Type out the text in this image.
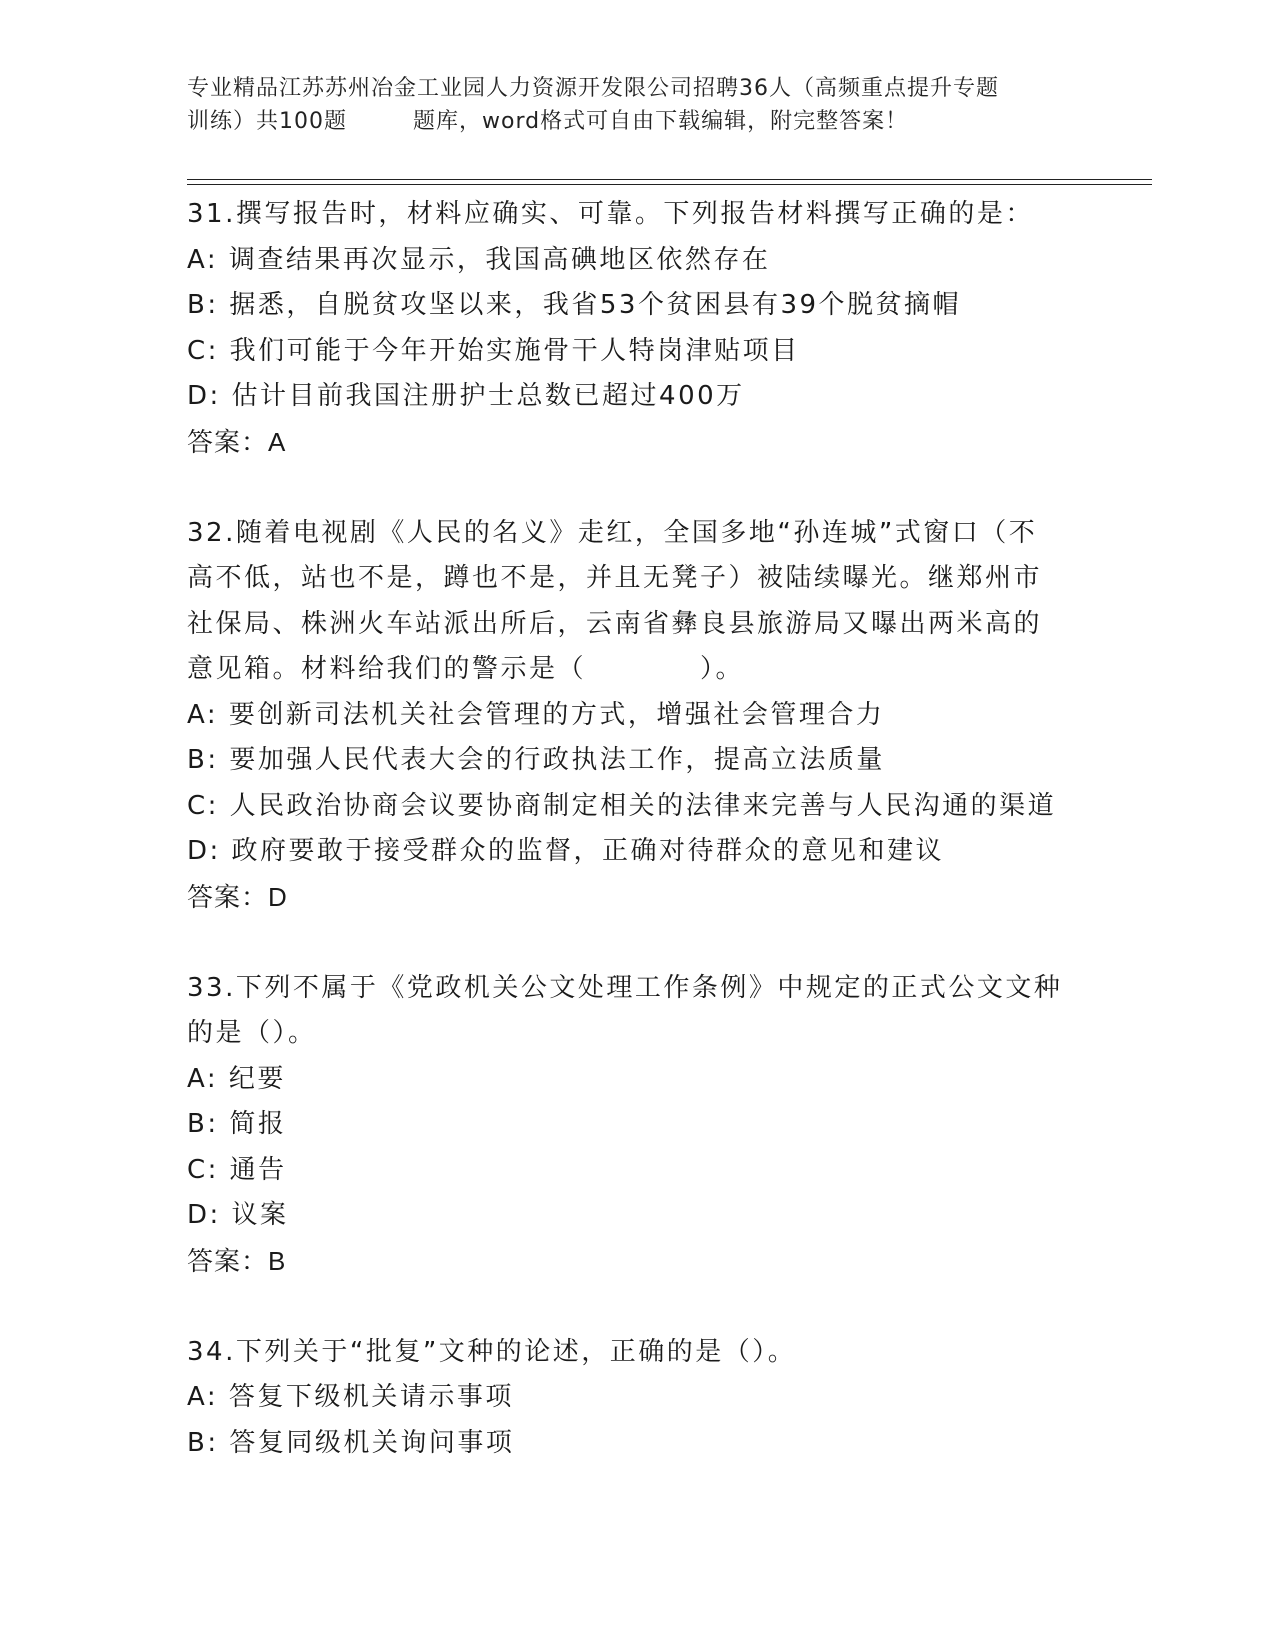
专业精品江苏苏州冶金工业园人力资源开发限公司招聘36人（高频重点提升专题
训练）共100题	题库，word格式可自由下载编辑，附完整答案！
31.撰写报告时，材料应确实、可靠。下列报告材料撰写正确的是：
A: 调查结果再次显示，我国高碘地区依然存在
B: 据悉，自脱贫攻坚以来，我省53个贫困县有39个脱贫摘帽
C: 我们可能于今年开始实施骨干人特岗津贴项目
D: 估计目前我国注册护士总数已超过400万
答案：A
32.随着电视剧《人民的名义》走红，全国多地“孙连城”式窗口（不
高不低，站也不是，蹲也不是，并且无凳子）被陆续曝光。继郑州市
社保局、株洲火车站派出所后，云南省彝良县旅游局又曝出两米高的
意见箱。材料给我们的警示是（　　　　）。
A: 要创新司法机关社会管理的方式，增强社会管理合力
B: 要加强人民代表大会的行政执法工作，提高立法质量
C: 人民政治协商会议要协商制定相关的法律来完善与人民沟通的渠道
D: 政府要敢于接受群众的监督，正确对待群众的意见和建议
答案：D
33.下列不属于《党政机关公文处理工作条例》中规定的正式公文文种
的是（）。
A: 纪要
B: 简报
C: 通告
D: 议案
答案：B
34.下列关于“批复”文种的论述，正确的是（）。
A: 答复下级机关请示事项
B: 答复同级机关询问事项
